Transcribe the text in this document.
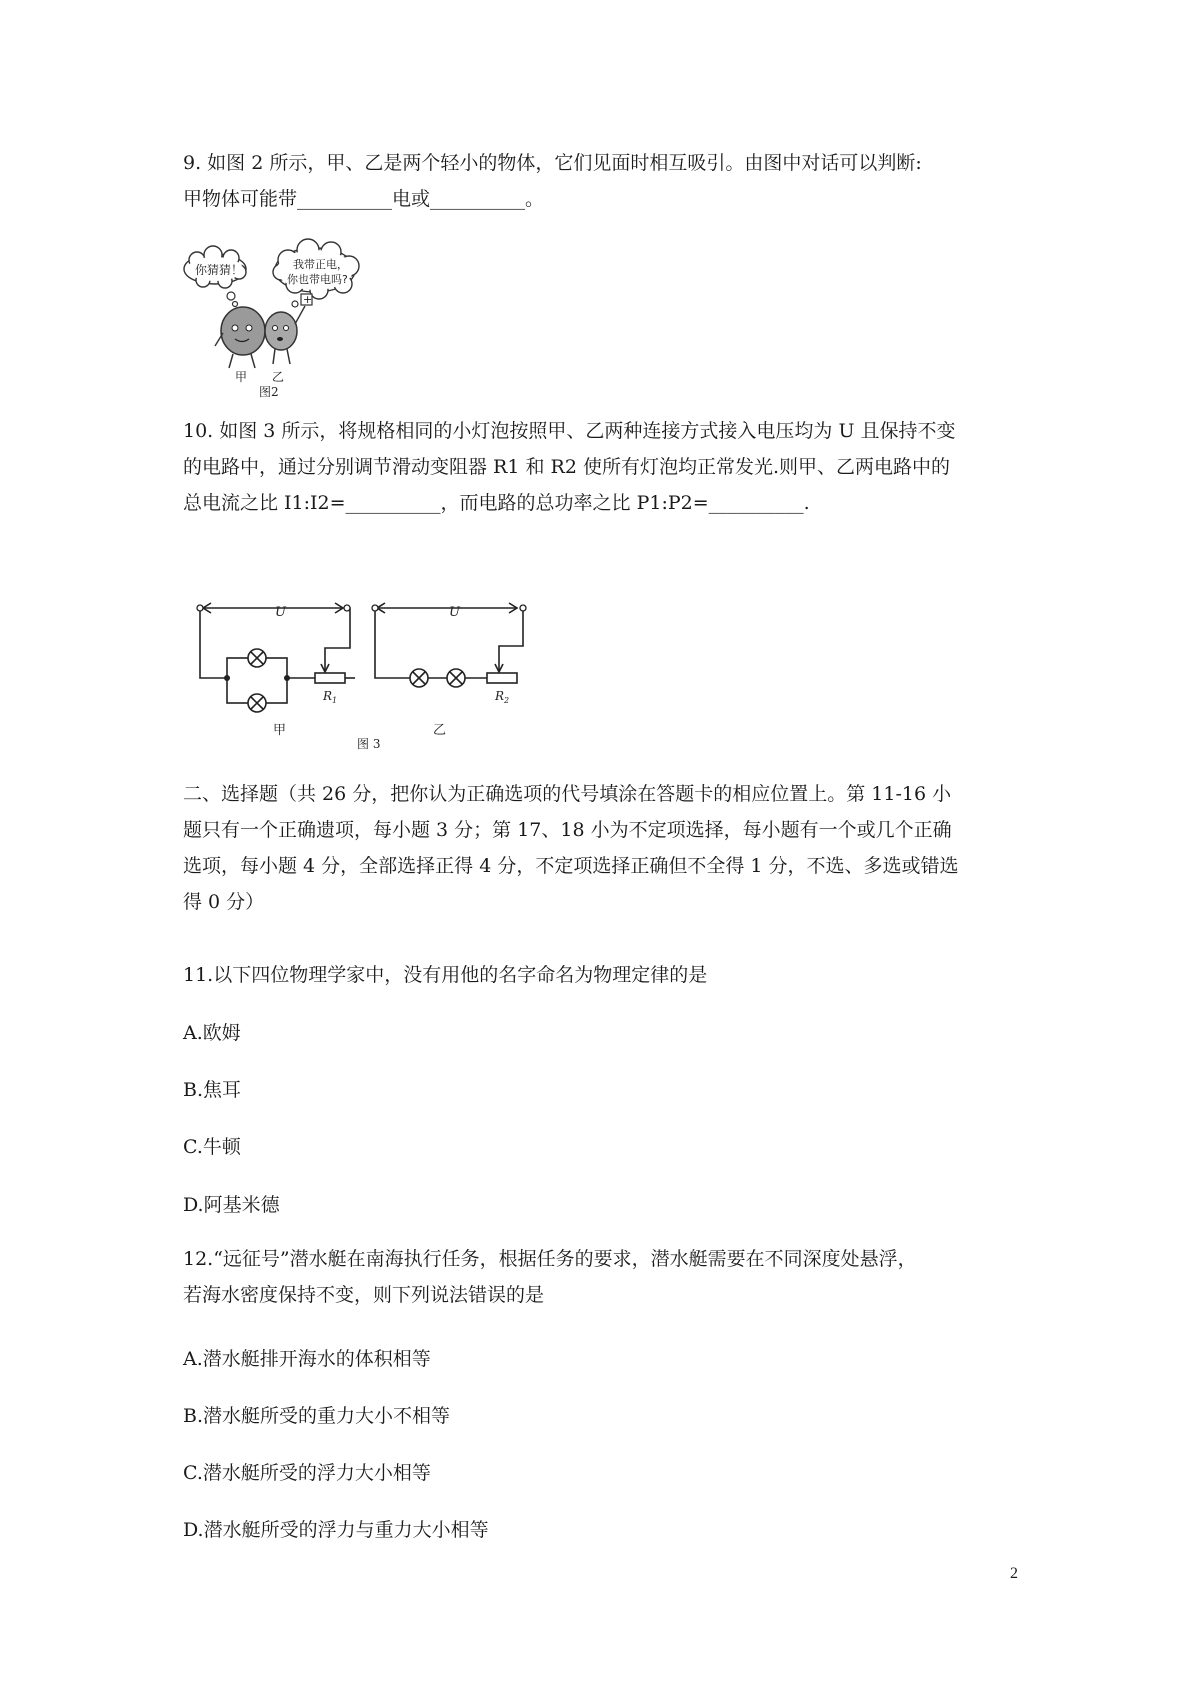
9. 如图 2 所示，甲、乙是两个轻小的物体，它们见面时相互吸引。由图中对话可以判断:
甲物体可能带__________电或__________。
你猜猜！	我带正电，
你也带电吗?
+
甲 乙
图2
10. 如图 3 所示，将规格相同的小灯泡按照甲、乙两种连接方式接入电压均为 U 且保持不变
的电路中，通过分别调节滑动变阻器 R1 和 R2 使所有灯泡均正常发光.则甲、乙两电路中的
总电流之比 I1:I2=__________，而电路的总功率之比 P1:P2=__________.
U	U
$R_1$	$R_2$
甲	乙
图 3
二、选择题（共 26 分，把你认为正确选项的代号填涂在答题卡的相应位置上。第 11-16 小
题只有一个正确遗项，每小题 3 分；第 17、18 小为不定项选择，每小题有一个或几个正确
选项，每小题 4 分，全部选择正得 4 分，不定项选择正确但不全得 1 分，不选、多选或错选
得 0 分）
11.以下四位物理学家中，没有用他的名字命名为物理定律的是
A.欧姆
B.焦耳
C.牛顿
D.阿基米德
12.“远征号”潜水艇在南海执行任务，根据任务的要求，潜水艇需要在不同深度处悬浮，
若海水密度保持不变，则下列说法错误的是
A.潜水艇排开海水的体积相等
B.潜水艇所受的重力大小不相等
C.潜水艇所受的浮力大小相等
D.潜水艇所受的浮力与重力大小相等
2
